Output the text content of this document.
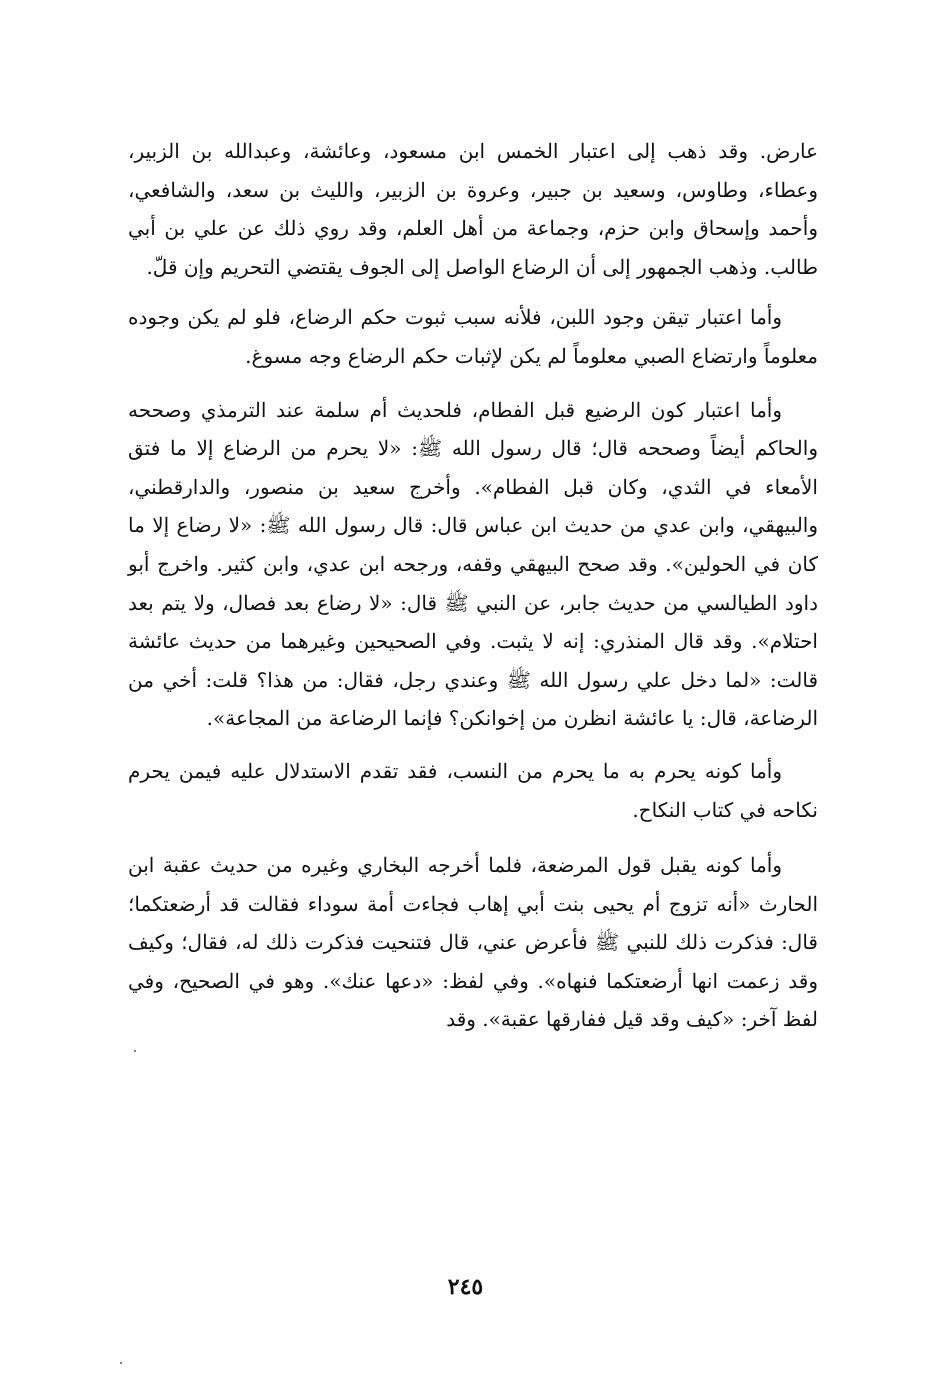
عارض. وقد ذهب إلى اعتبار الخمس ابن مسعود، وعائشة، وعبدالله بن الزبير، وعطاء، وطاوس، وسعيد بن جبير، وعروة بن الزبير، والليث بن سعد، والشافعي، وأحمد وإسحاق وابن حزم، وجماعة من أهل العلم، وقد روي ذلك عن علي بن أبي طالب. وذهب الجمهور إلى أن الرضاع الواصل إلى الجوف يقتضي التحريم وإن قلّ.

وأما اعتبار تيقن وجود اللبن، فلأنه سبب ثبوت حكم الرضاع، فلو لم يكن وجوده معلوماً وارتضاع الصبي معلوماً لم يكن لإثبات حكم الرضاع وجه مسوغ.

وأما اعتبار كون الرضيع قبل الفطام، فلحديث أم سلمة عند الترمذي وصححه والحاكم أيضاً وصححه قال؛ قال رسول الله ﷺ: «لا يحرم من الرضاع إلا ما فتق الأمعاء في الثدي، وكان قبل الفطام». وأخرج سعيد بن منصور، والدارقطني، والبيهقي، وابن عدي من حديث ابن عباس قال: قال رسول الله ﷺ: «لا رضاع إلا ما كان في الحولين». وقد صحح البيهقي وقفه، ورجحه ابن عدي، وابن كثير. واخرج أبو داود الطيالسي من حديث جابر، عن النبي ﷺ قال: «لا رضاع بعد فصال، ولا يتم بعد احتلام». وقد قال المنذري: إنه لا يثبت. وفي الصحيحين وغيرهما من حديث عائشة قالت: «لما دخل علي رسول الله ﷺ وعندي رجل، فقال: من هذا؟ قلت: أخي من الرضاعة، قال: يا عائشة انظرن من إخوانكن؟ فإنما الرضاعة من المجاعة».

وأما كونه يحرم به ما يحرم من النسب، فقد تقدم الاستدلال عليه فيمن يحرم نكاحه في كتاب النكاح.

وأما كونه يقبل قول المرضعة، فلما أخرجه البخاري وغيره من حديث عقبة ابن الحارث «أنه تزوج أم يحيى بنت أبي إهاب فجاءت أمة سوداء فقالت قد أرضعتكما؛ قال: فذكرت ذلك للنبي ﷺ فأعرض عني، قال فتنحيت فذكرت ذلك له، فقال؛ وكيف وقد زعمت انها أرضعتكما فنهاه». وفي لفظ: «دعها عنك». وهو في الصحيح، وفي لفظ آخر: «كيف وقد قيل ففارقها عقبة». وقد

٢٤٥
